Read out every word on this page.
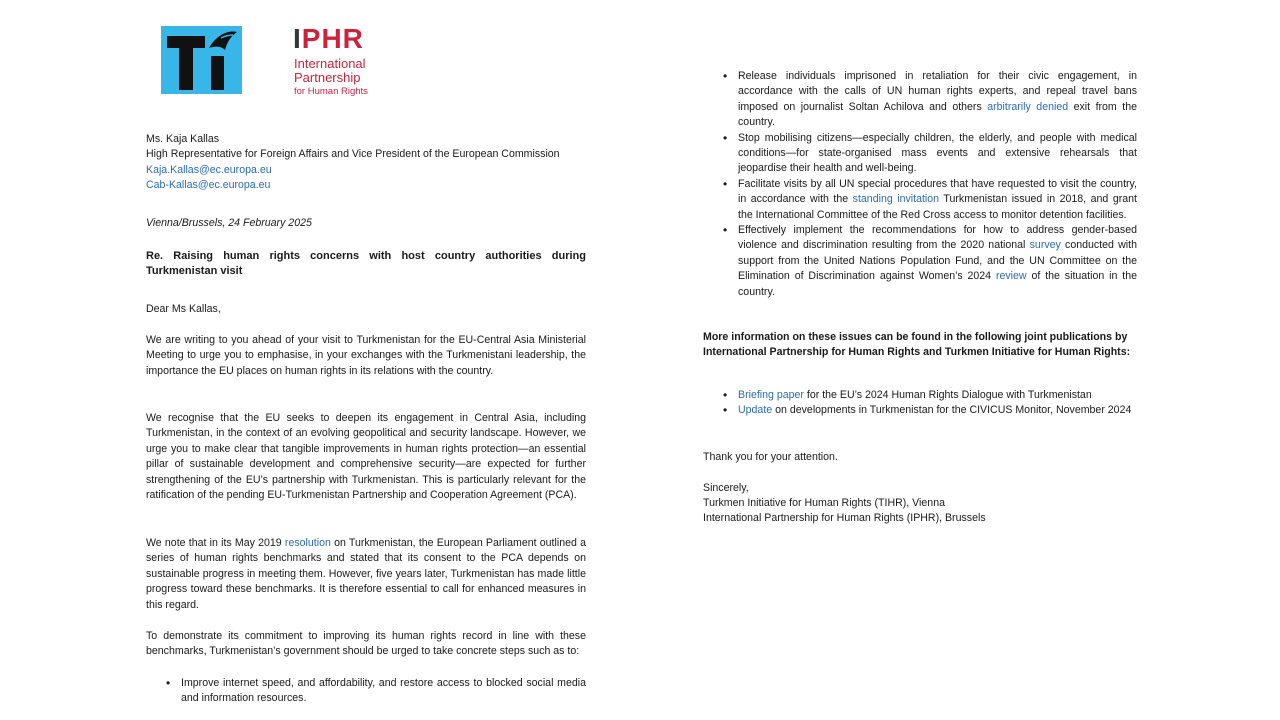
IPHR
International
Partnership
for Human Rights

Ms. Kaja Kallas

High Representative for Foreign Affairs and Vice President of the European Commission

Kaja.Kallas@ec.europa.eu

Cab-Kallas@ec.europa.eu

Vienna/Brussels, 24 February 2025

Re. Raising human rights concerns with host country authorities during Turkmenistan visit

Dear Ms Kallas,

We are writing to you ahead of your visit to Turkmenistan for the EU-Central Asia Ministerial Meeting to urge you to emphasise, in your exchanges with the Turkmenistani leadership, the importance the EU places on human rights in its relations with the country.

We recognise that the EU seeks to deepen its engagement in Central Asia, including Turkmenistan, in the context of an evolving geopolitical and security landscape. However, we urge you to make clear that tangible improvements in human rights protection—an essential pillar of sustainable development and comprehensive security—are expected for further strengthening of the EU’s partnership with Turkmenistan. This is particularly relevant for the ratification of the pending EU-Turkmenistan Partnership and Cooperation Agreement (PCA).

We note that in its May 2019 resolution on Turkmenistan, the European Parliament outlined a series of human rights benchmarks and stated that its consent to the PCA depends on sustainable progress in meeting them. However, five years later, Turkmenistan has made little progress toward these benchmarks. It is therefore essential to call for enhanced measures in this regard.

To demonstrate its commitment to improving its human rights record in line with these benchmarks, Turkmenistan’s government should be urged to take concrete steps such as to:

• Improve internet speed, and affordability, and restore access to blocked social media and information resources.
• Release individuals imprisoned in retaliation for their civic engagement, in accordance with the calls of UN human rights experts, and repeal travel bans imposed on journalist Soltan Achilova and others arbitrarily denied exit from the country.
• Stop mobilising citizens—especially children, the elderly, and people with medical conditions—for state-organised mass events and extensive rehearsals that jeopardise their health and well-being.
• Facilitate visits by all UN special procedures that have requested to visit the country, in accordance with the standing invitation Turkmenistan issued in 2018, and grant the International Committee of the Red Cross access to monitor detention facilities.
• Effectively implement the recommendations for how to address gender-based violence and discrimination resulting from the 2020 national survey conducted with support from the United Nations Population Fund, and the UN Committee on the Elimination of Discrimination against Women’s 2024 review of the situation in the country.

More information on these issues can be found in the following joint publications by International Partnership for Human Rights and Turkmen Initiative for Human Rights:

• Briefing paper for the EU’s 2024 Human Rights Dialogue with Turkmenistan
• Update on developments in Turkmenistan for the CIVICUS Monitor, November 2024

Thank you for your attention.

Sincerely,

Turkmen Initiative for Human Rights (TIHR), Vienna

International Partnership for Human Rights (IPHR), Brussels
